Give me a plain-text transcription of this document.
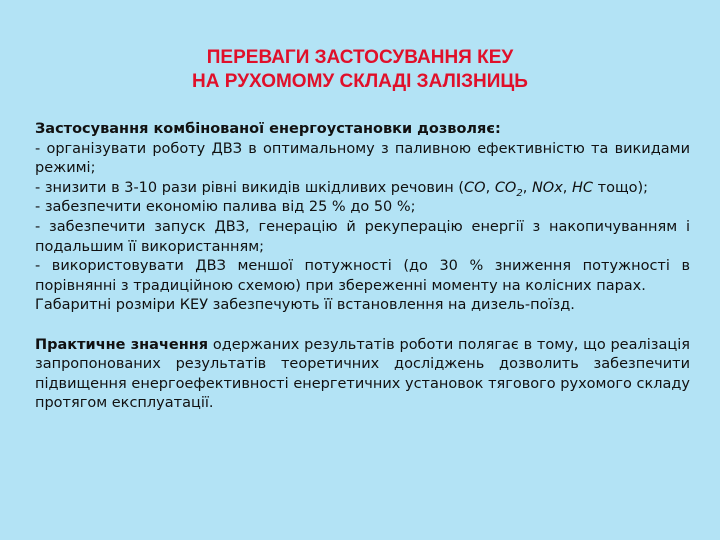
ПЕРЕВАГИ ЗАСТОСУВАННЯ КЕУ
НА РУХОМОМУ СКЛАДІ ЗАЛІЗНИЦЬ

Застосування комбінованої енергоустановки дозволяє:

- організувати роботу ДВЗ в оптимальному з паливною ефективністю та викидами режимі;

- знизити в 3-10 рази рівні викидів шкідливих речовин (CO, $CO_2$, NOx, HC тощо);

- забезпечити економію палива від 25 % до 50 %;

- забезпечити запуск ДВЗ, генерацію й рекуперацію енергії з накопичуванням і подальшим її використанням;

- використовувати ДВЗ меншої потужності (до 30 % зниження потужності в порівнянні з традиційною схемою) при збереженні моменту на колісних парах.

Габаритні розміри КЕУ забезпечують її встановлення на дизель-поїзд.

Практичне значення одержаних результатів роботи полягає в тому, що реалізація запропонованих результатів теоретичних досліджень дозволить забезпечити підвищення енергоефективності енергетичних установок тягового рухомого складу протягом експлуатації.
